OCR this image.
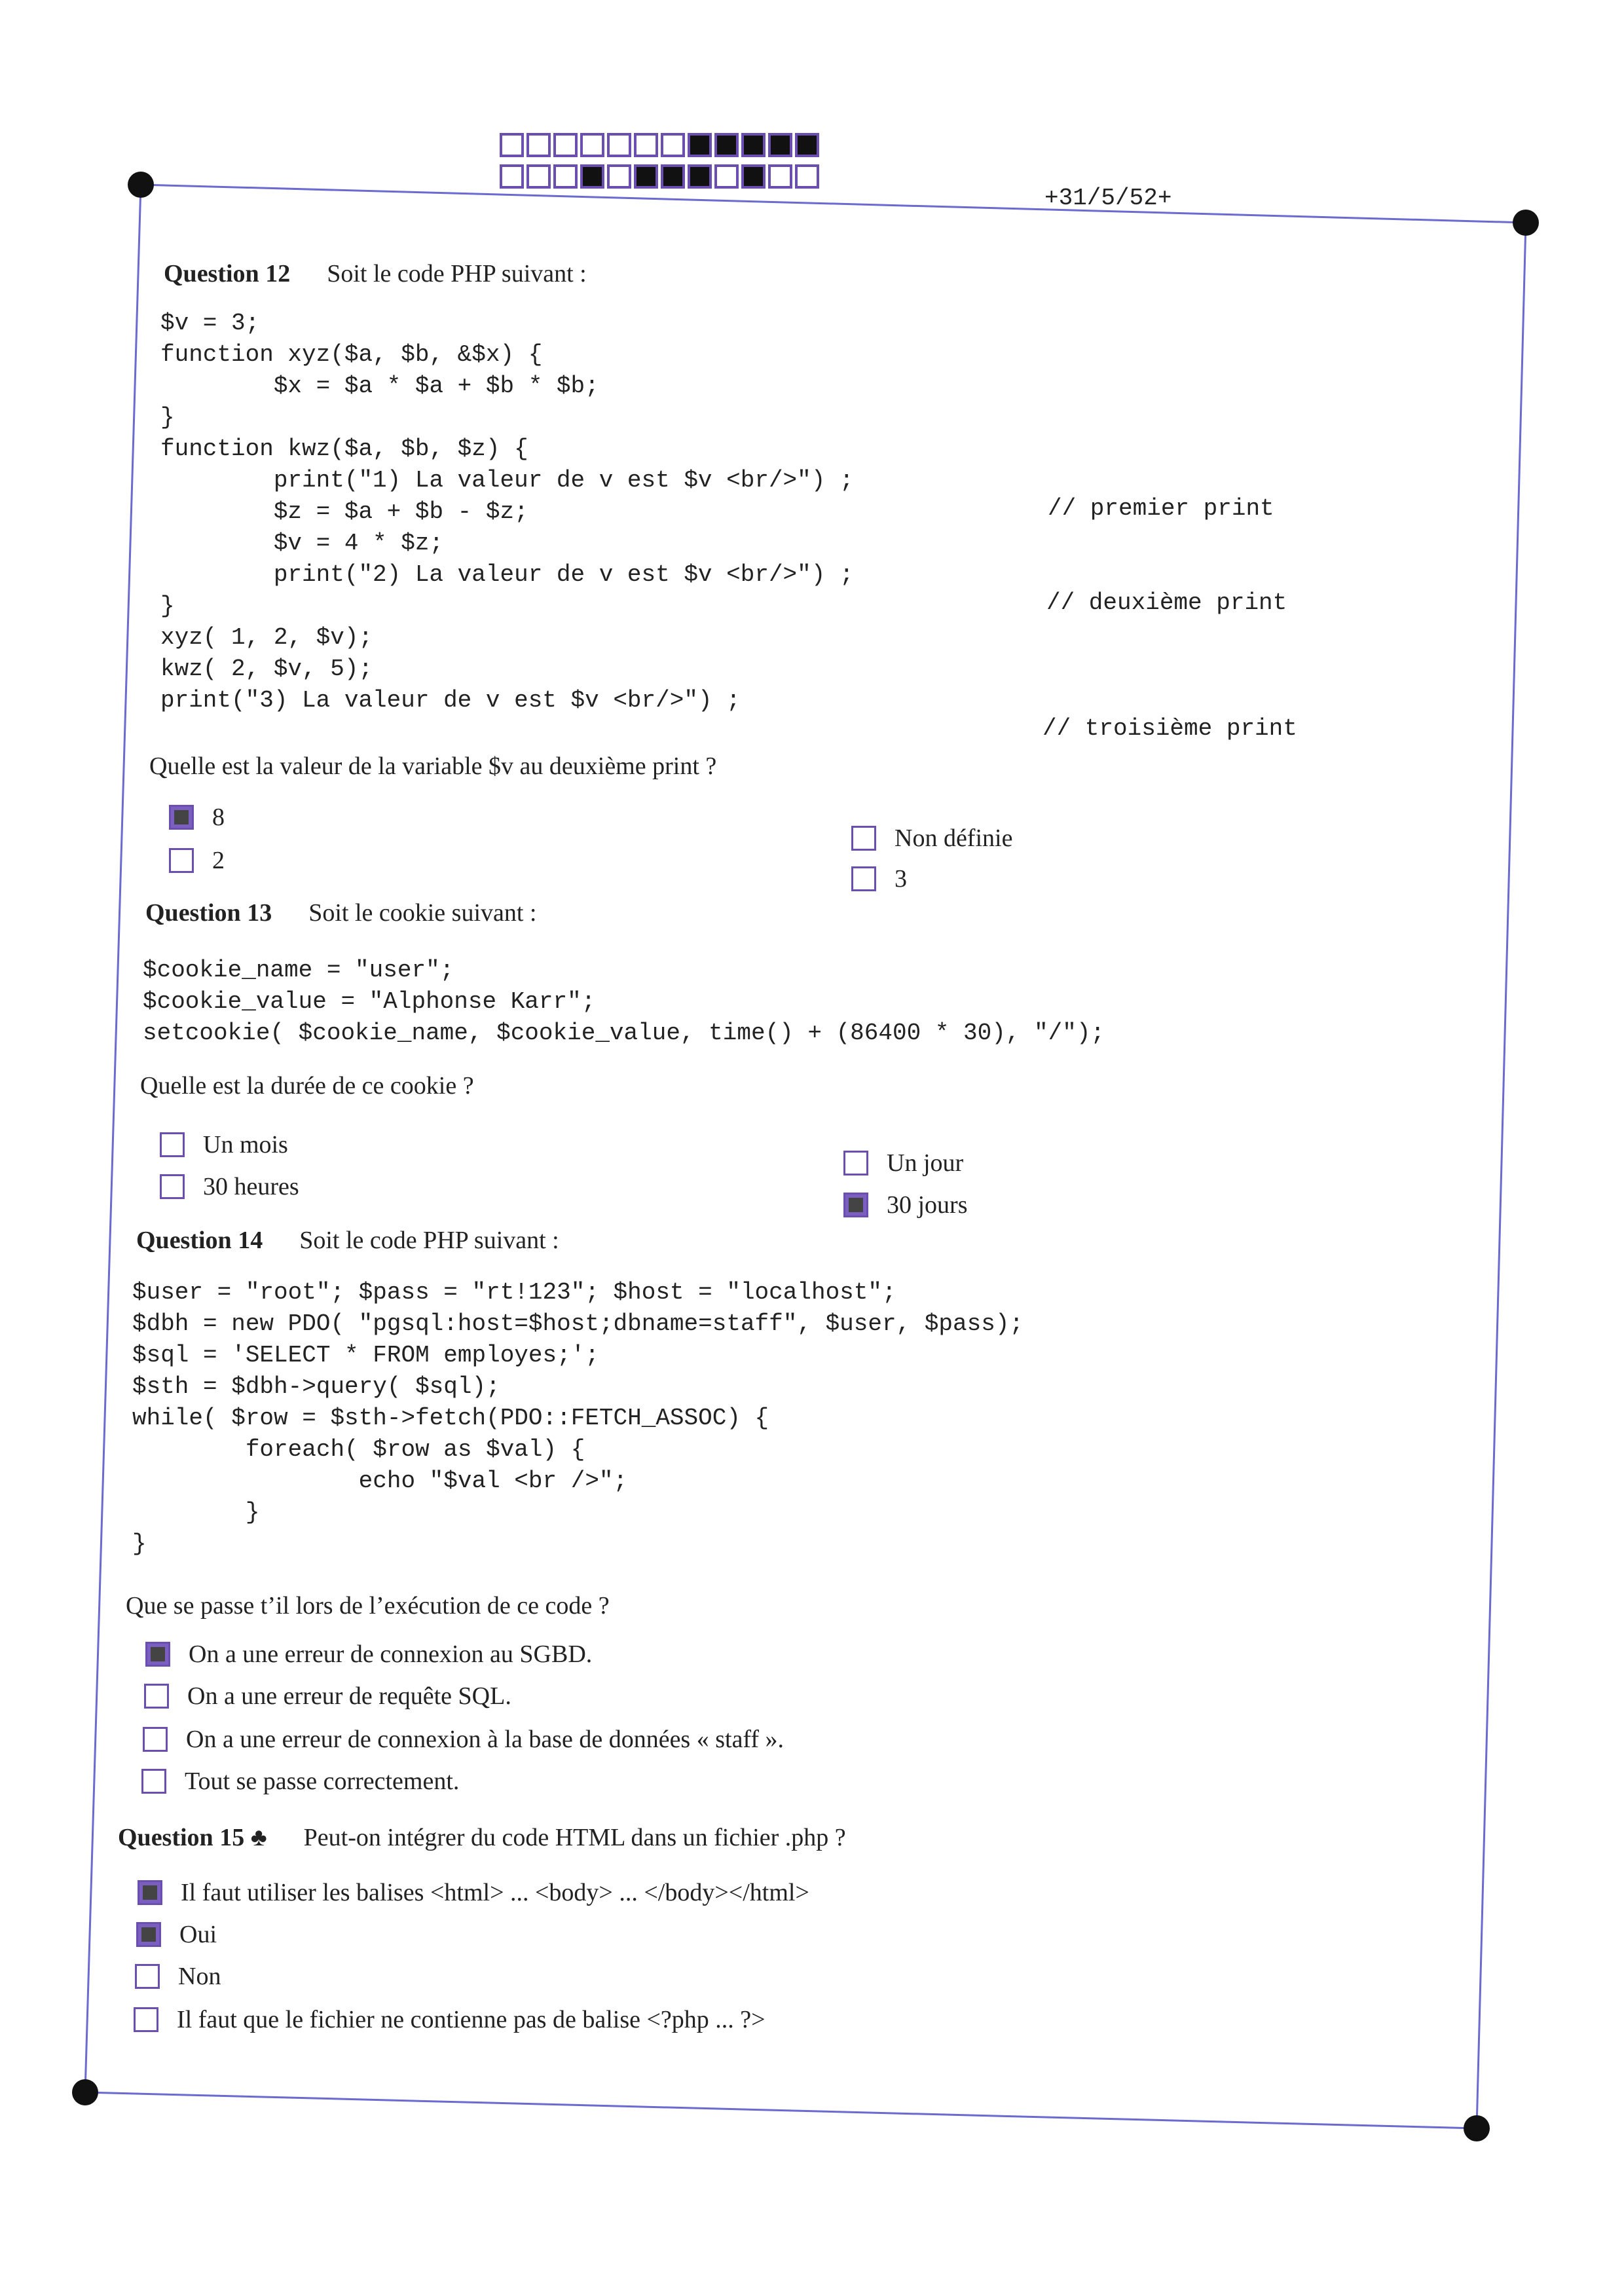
+31/5/52+
Question 12 Soit le code PHP suivant :
$v = 3;
function xyz($a, $b, &$x) {
$x = $a * $a + $b * $b;
}
function kwz($a, $b, $z) {
print("1) La valeur de v est $v <br/>") ;
$z = $a + $b - $z;
$v = 4 * $z;
print("2) La valeur de v est $v <br/>") ;
}
xyz( 1, 2, $v);
kwz( 2, $v, 5);
print("3) La valeur de v est $v <br/>") ;
// premier print
// deuxième print
// troisième print
Quelle est la valeur de la variable $v au deuxième print ?
8
2
Non définie
3
Question 13 Soit le cookie suivant :
$cookie_name = "user";
$cookie_value = "Alphonse Karr";
setcookie( $cookie_name, $cookie_value, time() + (86400 * 30), "/");
Quelle est la durée de ce cookie ?
Un mois
30 heures
Un jour
30 jours
Question 14 Soit le code PHP suivant :
$user = "root"; $pass = "rt!123"; $host = "localhost";
$dbh = new PDO( "pgsql:host=$host;dbname=staff", $user, $pass);
$sql = 'SELECT * FROM employes;';
$sth = $dbh->query( $sql);
while( $row = $sth->fetch(PDO::FETCH_ASSOC) {
foreach( $row as $val) {
echo "$val <br />";
}
}
Que se passe t’il lors de l’exécution de ce code ?
On a une erreur de connexion au SGBD.
On a une erreur de requête SQL.
On a une erreur de connexion à la base de données « staff ».
Tout se passe correctement.
Question 15 ♣ Peut-on intégrer du code HTML dans un fichier .php ?
Il faut utiliser les balises <html> ... <body> ... </body></html>
Oui
Non
Il faut que le fichier ne contienne pas de balise <?php ... ?>
